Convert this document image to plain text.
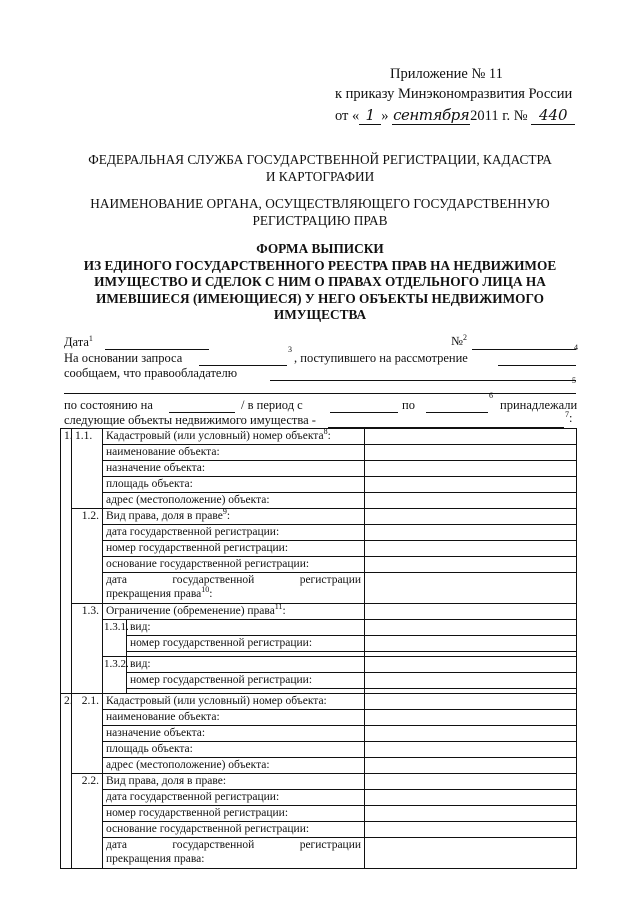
Приложение № 11
к приказу Минэкономразвития России
от « 1 » сентября2011 г. № 440
ФЕДЕРАЛЬНАЯ СЛУЖБА ГОСУДАРСТВЕННОЙ РЕГИСТРАЦИИ, КАДАСТРА
И КАРТОГРАФИИ
НАИМЕНОВАНИЕ ОРГАНА, ОСУЩЕСТВЛЯЮЩЕГО ГОСУДАРСТВЕННУЮ
РЕГИСТРАЦИЮ ПРАВ
ФОРМА ВЫПИСКИ
ИЗ ЕДИНОГО ГОСУДАРСТВЕННОГО РЕЕСТРА ПРАВ НА НЕДВИЖИМОЕ
ИМУЩЕСТВО И СДЕЛОК С НИМ О ПРАВАХ ОТДЕЛЬНОГО ЛИЦА НА
ИМЕВШИЕСЯ (ИМЕЮЩИЕСЯ) У НЕГО ОБЪЕКТЫ НЕДВИЖИМОГО
ИМУЩЕСТВА
Дата$^1$	№$^2$
На основании запроса
$^3$
, поступившего на рассмотрение
$^4$
сообщаем, что правообладателю
$^5$
по состоянию на	/ в период с	по
$^6$
принадлежали
следующие объекты недвижимого имущества -	$^7$:
1.	1.1.	Кадастровый (или условный) номер объекта$^8$:		
		наименование объекта:		
		назначение объекта:		
		площадь объекта:		
		адрес (местоположение) объекта:		
	1.2.	Вид права, доля в праве$^9$:		
		дата государственной регистрации:		
		номер государственной регистрации:		
		основание государственной регистрации:		

		дата государственной регистрации
прекращения права$^{10}$:		
	1.3.	Ограничение (обременение) права$^{11}$:		
		1.3.1.	вид:	
			номер государственной регистрации:	

		1.3.2.	вид:	
			номер государственной регистрации:	

2.	2.1.	Кадастровый (или условный) номер объекта:		
		наименование объекта:		
		назначение объекта:		
		площадь объекта:		
		адрес (местоположение) объекта:		
	2.2.	Вид права, доля в праве:		
		дата государственной регистрации:		
		номер государственной регистрации:		
		основание государственной регистрации:		

		дата государственной регистрации
прекращения права:		
